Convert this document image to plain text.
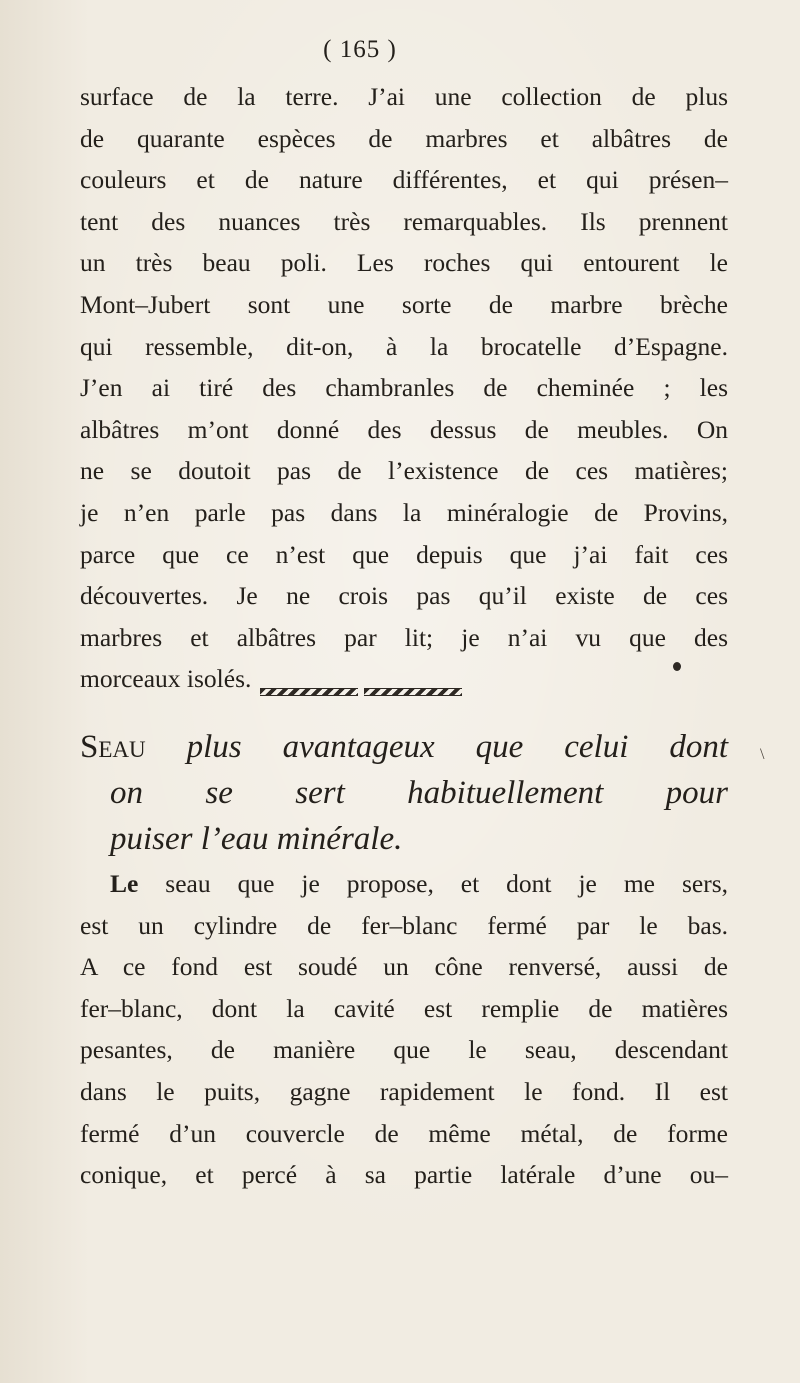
( 165 )
surface de la terre. J’ai une collection de plus
de quarante espèces de marbres et albâtres de
couleurs et de nature différentes, et qui présen–
tent des nuances très remarquables. Ils prennent
un très beau poli. Les roches qui entourent le
Mont–Jubert sont une sorte de marbre brèche
qui ressemble, dit-on, à la brocatelle d’Espagne.
J’en ai tiré des chambranles de cheminée ; les
albâtres m’ont donné des dessus de meubles. On
ne se doutoit pas de l’existence de ces matières;
je n’en parle pas dans la minéralogie de Provins,
parce que ce n’est que depuis que j’ai fait ces
découvertes. Je ne crois pas qu’il existe de ces
marbres et albâtres par lit; je n’ai vu que des
morceaux isolés.
Seau plus avantageux que celui dont
on se sert habituellement pour
puiser l’eau minérale.
\
Le seau que je propose, et dont je me sers,
est un cylindre de fer–blanc fermé par le bas.
A ce fond est soudé un cône renversé, aussi de
fer–blanc, dont la cavité est remplie de matières
pesantes, de manière que le seau, descendant
dans le puits, gagne rapidement le fond. Il est
fermé d’un couvercle de même métal, de forme
conique, et percé à sa partie latérale d’une ou–
